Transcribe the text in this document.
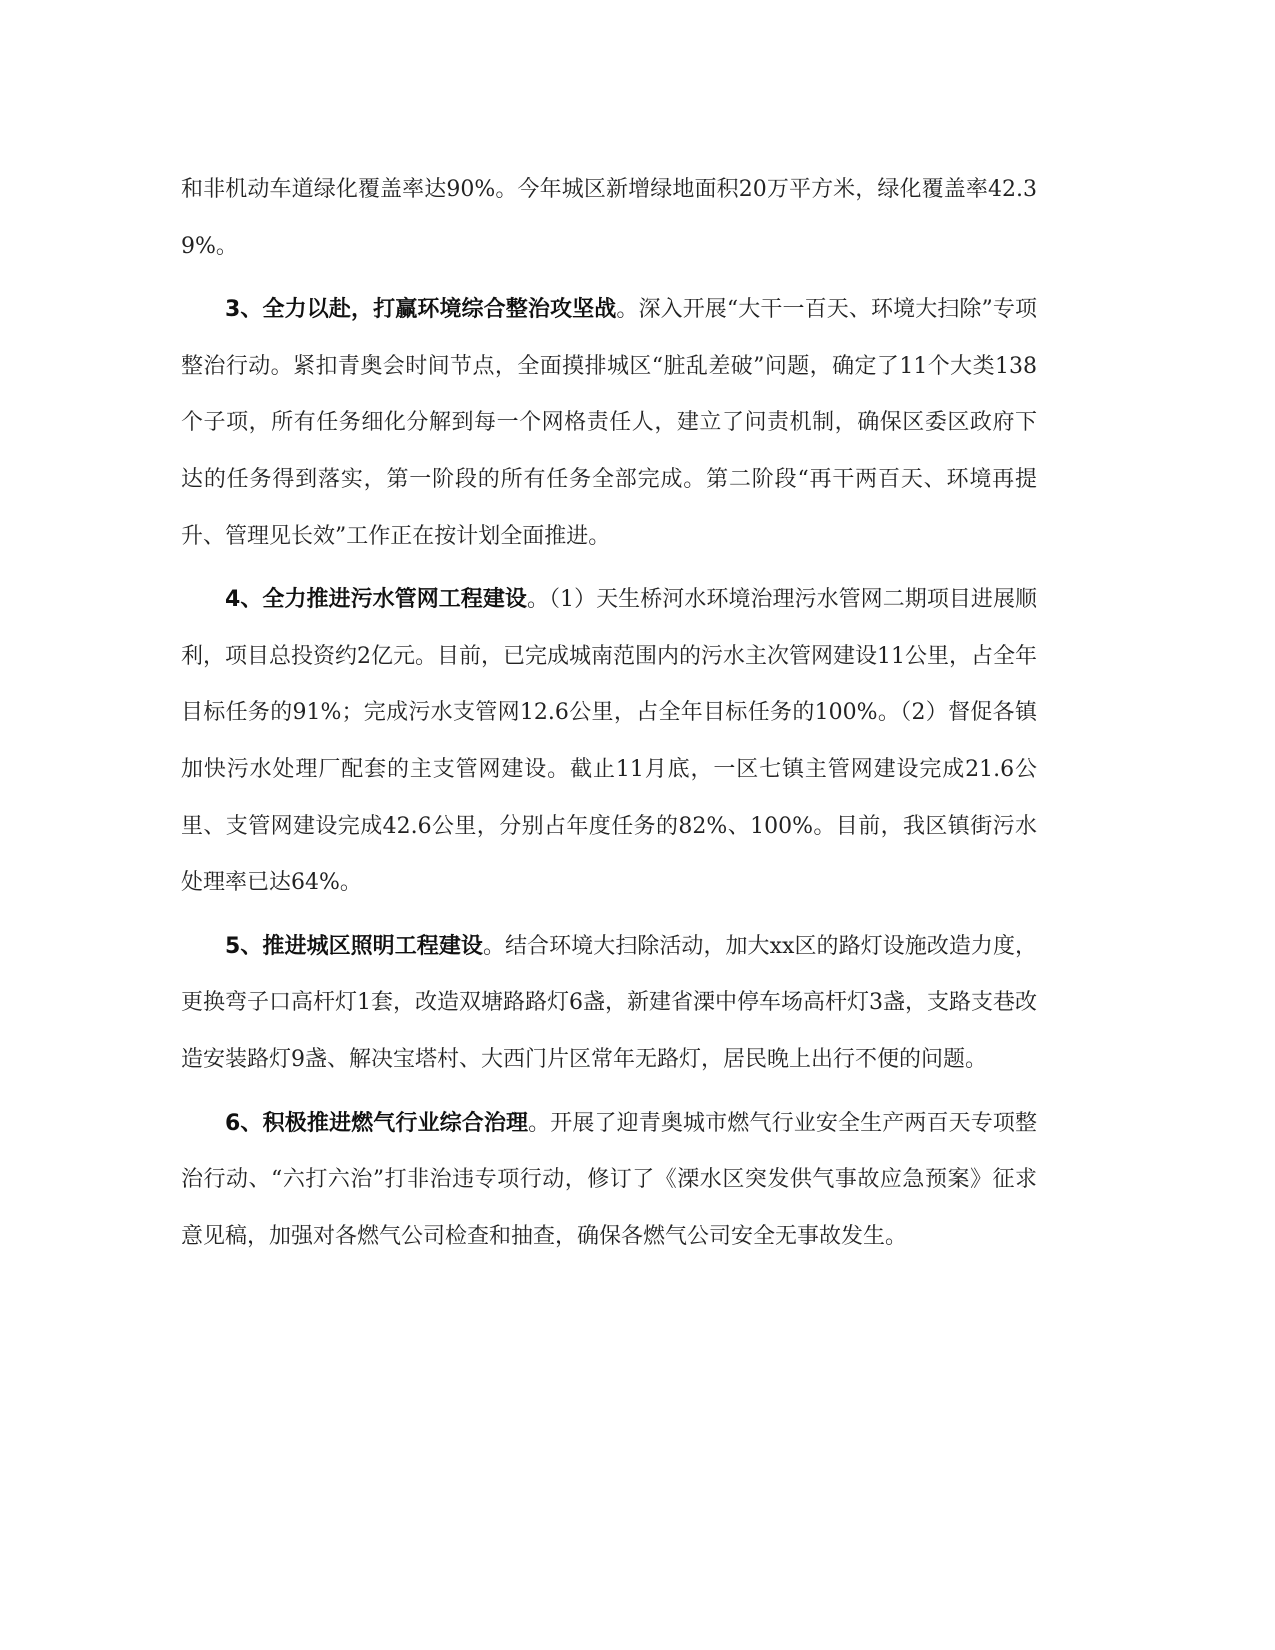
和非机动车道绿化覆盖率达90%。今年城区新增绿地面积20万平方米，绿化覆盖率42.39%。

3、全力以赴，打赢环境综合整治攻坚战。深入开展“大干一百天、环境大扫除”专项整治行动。紧扣青奥会时间节点，全面摸排城区“脏乱差破”问题，确定了11个大类138个子项，所有任务细化分解到每一个网格责任人，建立了问责机制，确保区委区政府下达的任务得到落实，第一阶段的所有任务全部完成。第二阶段“再干两百天、环境再提升、管理见长效”工作正在按计划全面推进。

4、全力推进污水管网工程建设。（1）天生桥河水环境治理污水管网二期项目进展顺利，项目总投资约2亿元。目前，已完成城南范围内的污水主次管网建设11公里，占全年目标任务的91%；完成污水支管网12.6公里，占全年目标任务的100%。（2）督促各镇加快污水处理厂配套的主支管网建设。截止11月底，一区七镇主管网建设完成21.6公里、支管网建设完成42.6公里，分别占年度任务的82%、100%。目前，我区镇街污水处理率已达64%。

5、推进城区照明工程建设。结合环境大扫除活动，加大xx区的路灯设施改造力度，更换弯子口高杆灯1套，改造双塘路路灯6盏，新建省溧中停车场高杆灯3盏，支路支巷改造安装路灯9盏、解决宝塔村、大西门片区常年无路灯，居民晚上出行不便的问题。

6、积极推进燃气行业综合治理。开展了迎青奥城市燃气行业安全生产两百天专项整治行动、“六打六治”打非治违专项行动，修订了《溧水区突发供气事故应急预案》征求意见稿，加强对各燃气公司检查和抽查，确保各燃气公司安全无事故发生。
